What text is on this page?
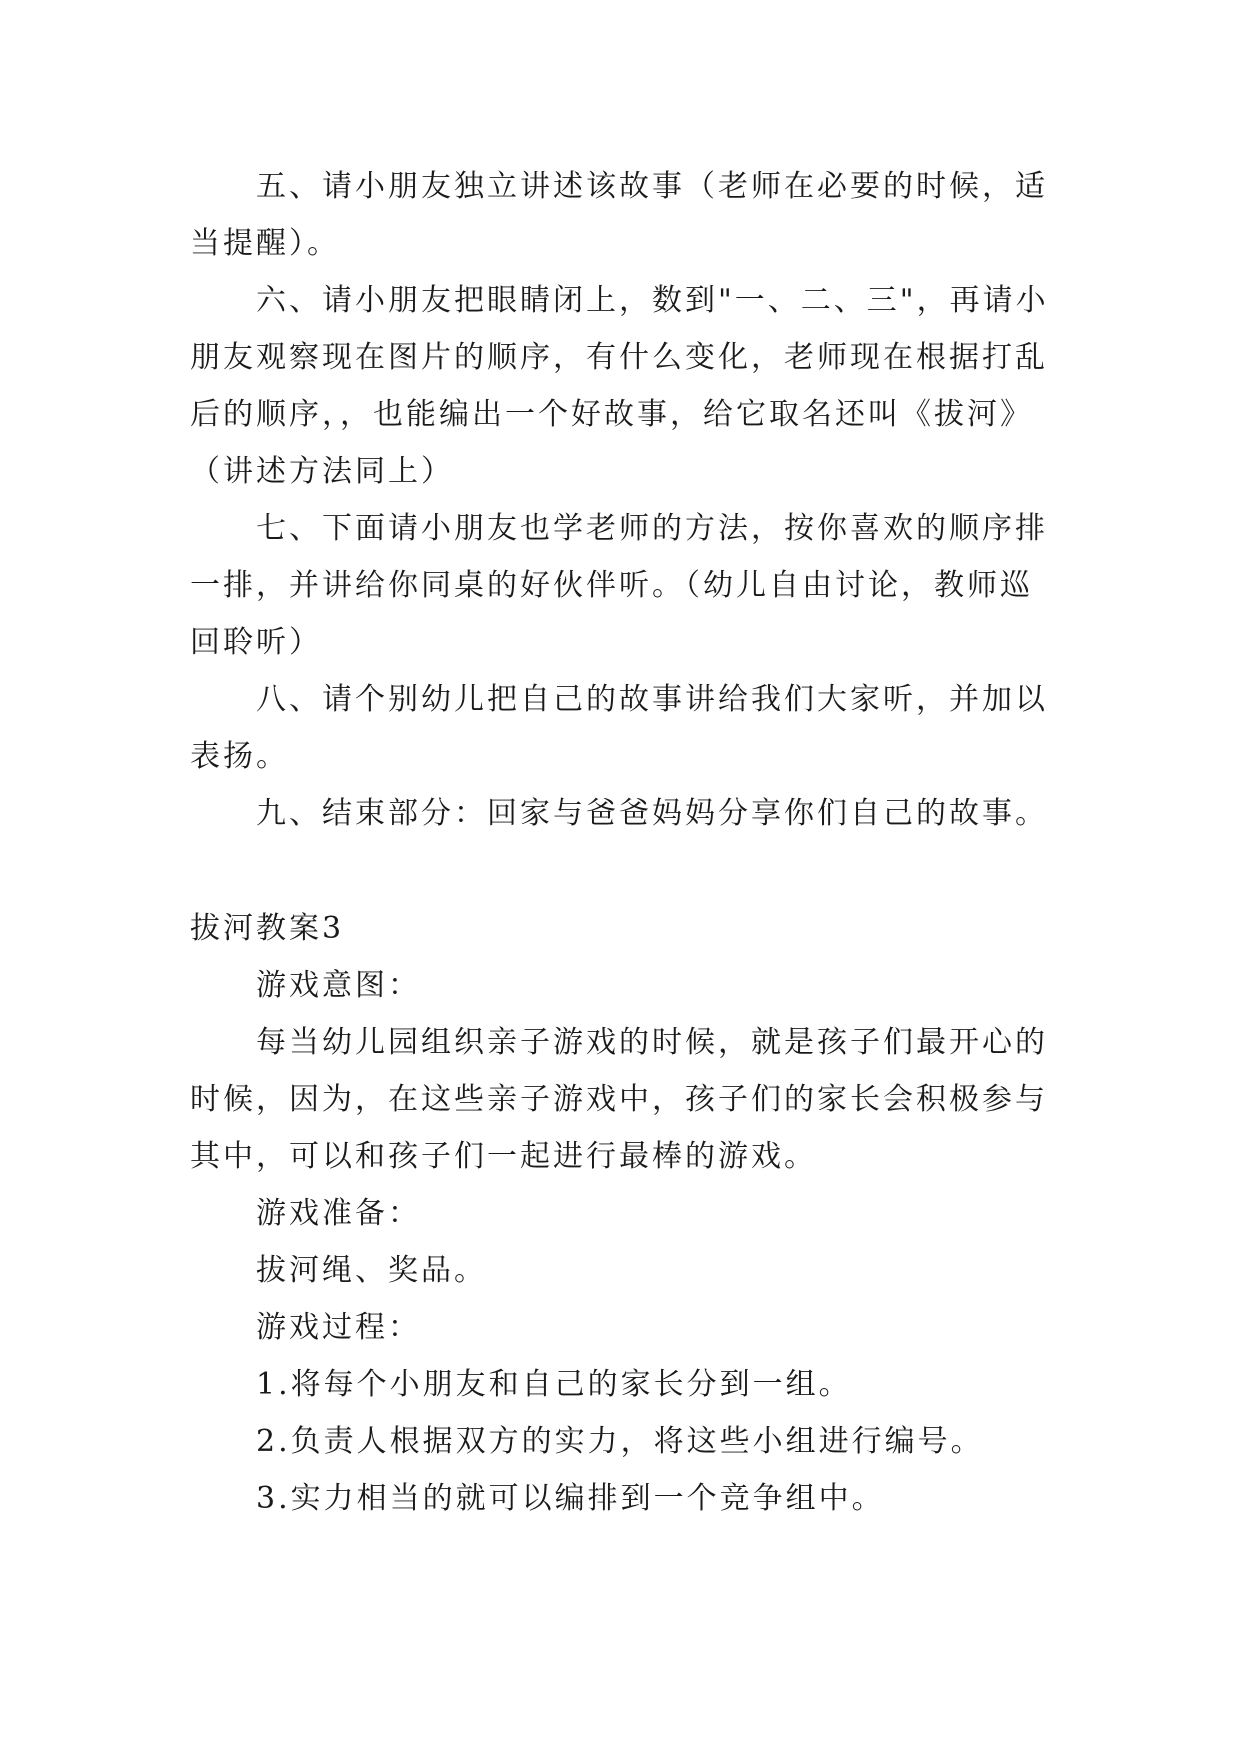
五、请小朋友独立讲述该故事（老师在必要的时候，适当提醒）。

六、请小朋友把眼睛闭上，数到"一、二、三"，再请小朋友观察现在图片的顺序，有什么变化，老师现在根据打乱后的顺序，，也能编出一个好故事，给它取名还叫《拔河》（讲述方法同上）

七、下面请小朋友也学老师的方法，按你喜欢的顺序排一排，并讲给你同桌的好伙伴听。（幼儿自由讨论，教师巡回聆听）

八、请个别幼儿把自己的故事讲给我们大家听，并加以表扬。

九、结束部分：回家与爸爸妈妈分享你们自己的故事。

拔河教案3

游戏意图：

每当幼儿园组织亲子游戏的时候，就是孩子们最开心的时候，因为，在这些亲子游戏中，孩子们的家长会积极参与其中，可以和孩子们一起进行最棒的游戏。

游戏准备：

拔河绳、奖品。

游戏过程：

1.将每个小朋友和自己的家长分到一组。

2.负责人根据双方的实力，将这些小组进行编号。

3.实力相当的就可以编排到一个竞争组中。
